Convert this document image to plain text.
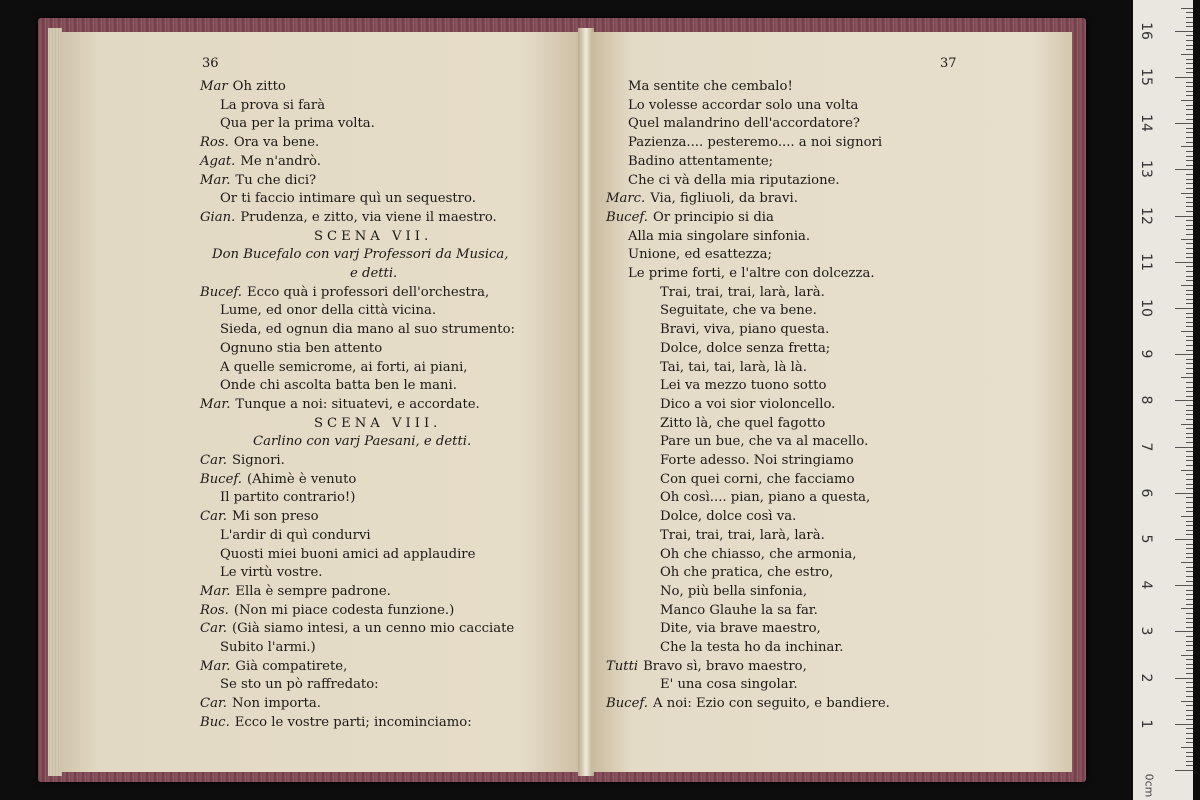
36
Mar Oh zitto
La prova si farà
Qua per la prima volta.
Ros. Ora va bene.
Agat. Me n'andrò.
Mar. Tu che dici?
Or ti faccio intimare quì un sequestro.
Gian. Prudenza, e zitto, via viene il maestro.
SCENA VII.
Don Bucefalo con varj Professori da Musica,
e detti.
Bucef. Ecco quà i professori dell'orchestra,
Lume, ed onor della città vicina.
Sieda, ed ognun dia mano al suo strumento:
Ognuno stia ben attento
A quelle semicrome, ai forti, ai piani,
Onde chi ascolta batta ben le mani.
Mar. Tunque a noi: situatevi, e accordate.
SCENA VIII.
Carlino con varj Paesani, e detti.
Car. Signori.
Bucef. (Ahimè è venuto
Il partito contrario!)
Car. Mi son preso
L'ardir di quì condurvi
Quosti miei buoni amici ad applaudire
Le virtù vostre.
Mar. Ella è sempre padrone.
Ros. (Non mi piace codesta funzione.)
Car. (Già siamo intesi, a un cenno mio cacciate
Subito l'armi.)
Mar. Già compatirete,
Se sto un pò raffredato:
Car. Non importa.
Buc. Ecco le vostre parti; incominciamo:
37
Ma sentite che cembalo!
Lo volesse accordar solo una volta
Quel malandrino dell'accordatore?
Pazienza.... pesteremo.... a noi signori
Badino attentamente;
Che ci và della mia riputazione.
Marc. Via, figliuoli, da bravi.
Bucef. Or principio si dia
Alla mia singolare sinfonia.
Unione, ed esattezza;
Le prime forti, e l'altre con dolcezza.
Trai, trai, trai, larà, larà.
Seguitate, che va bene.
Bravi, viva, piano questa.
Dolce, dolce senza fretta;
Tai, tai, tai, larà, là là.
Lei va mezzo tuono sotto
Dico a voi sior violoncello.
Zitto là, che quel fagotto
Pare un bue, che va al macello.
Forte adesso. Noi stringiamo
Con quei corni, che facciamo
Oh così.... pian, piano a questa,
Dolce, dolce così va.
Trai, trai, trai, larà, larà.
Oh che chiasso, che armonia,
Oh che pratica, che estro,
No, più bella sinfonia,
Manco Glauhe la sa far.
Dite, via brave maestro,
Che la testa ho da inchinar.
Tutti Bravo sì, bravo maestro,
E' una cosa singolar.
Bucef. A noi: Ezio con seguito, e bandiere.
0cm
1
2
3
4
5
6
7
8
9
10
11
12
13
14
15
16
